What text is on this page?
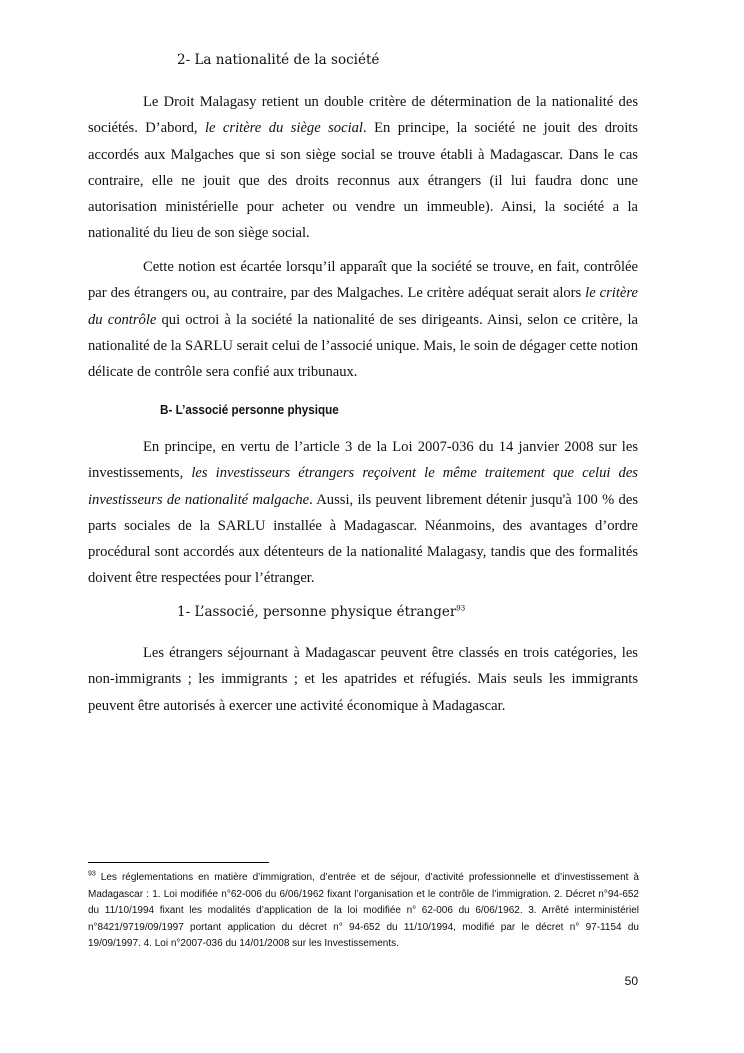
2- La nationalité de la société

Le Droit Malagasy retient un double critère de détermination de la nationalité des sociétés. D’abord, le critère du siège social. En principe, la société ne jouit des droits accordés aux Malgaches que si son siège social se trouve établi à Madagascar. Dans le cas contraire, elle ne jouit que des droits reconnus aux étrangers (il lui faudra donc une autorisation ministérielle pour acheter ou vendre un immeuble). Ainsi, la société a la nationalité du lieu de son siège social.

Cette notion est écartée lorsqu’il apparaît que la société se trouve, en fait, contrôlée par des étrangers ou, au contraire, par des Malgaches. Le critère adéquat serait alors le critère du contrôle qui octroi à la société la nationalité de ses dirigeants. Ainsi, selon ce critère, la nationalité de la SARLU serait celui de l’associé unique. Mais, le soin de dégager cette notion délicate de contrôle sera confié aux tribunaux.

B- L’associé personne physique

En principe, en vertu de l’article 3 de la Loi 2007-036 du 14 janvier 2008 sur les investissements, les investisseurs étrangers reçoivent le même traitement que celui des investisseurs de nationalité malgache. Aussi, ils peuvent librement détenir jusqu'à 100 % des parts sociales de la SARLU installée à Madagascar. Néanmoins, des avantages d’ordre procédural sont accordés aux détenteurs de la nationalité Malagasy, tandis que des formalités doivent être respectées pour l’étranger.

1- L’associé, personne physique étranger$^{93}$

Les étrangers séjournant à Madagascar peuvent être classés en trois catégories, les non-immigrants ; les immigrants ; et les apatrides et réfugiés. Mais seuls les immigrants peuvent être autorisés à exercer une activité économique à Madagascar.

$^{93}$ Les réglementations en matière d’immigration, d’entrée et de séjour, d’activité professionnelle et d’investissement à Madagascar : 1. Loi modifiée n°62-006 du 6/06/1962 fixant l’organisation et le contrôle de l’immigration. 2. Décret n°94-652 du 11/10/1994 fixant les modalités d’application de la loi modifiée n° 62-006 du 6/06/1962. 3. Arrêté interministériel n°8421/9719/09/1997 portant application du décret n° 94-652 du 11/10/1994, modifié par le décret n° 97-1154 du 19/09/1997. 4. Loi n°2007-036 du 14/01/2008 sur les Investissements.

50
